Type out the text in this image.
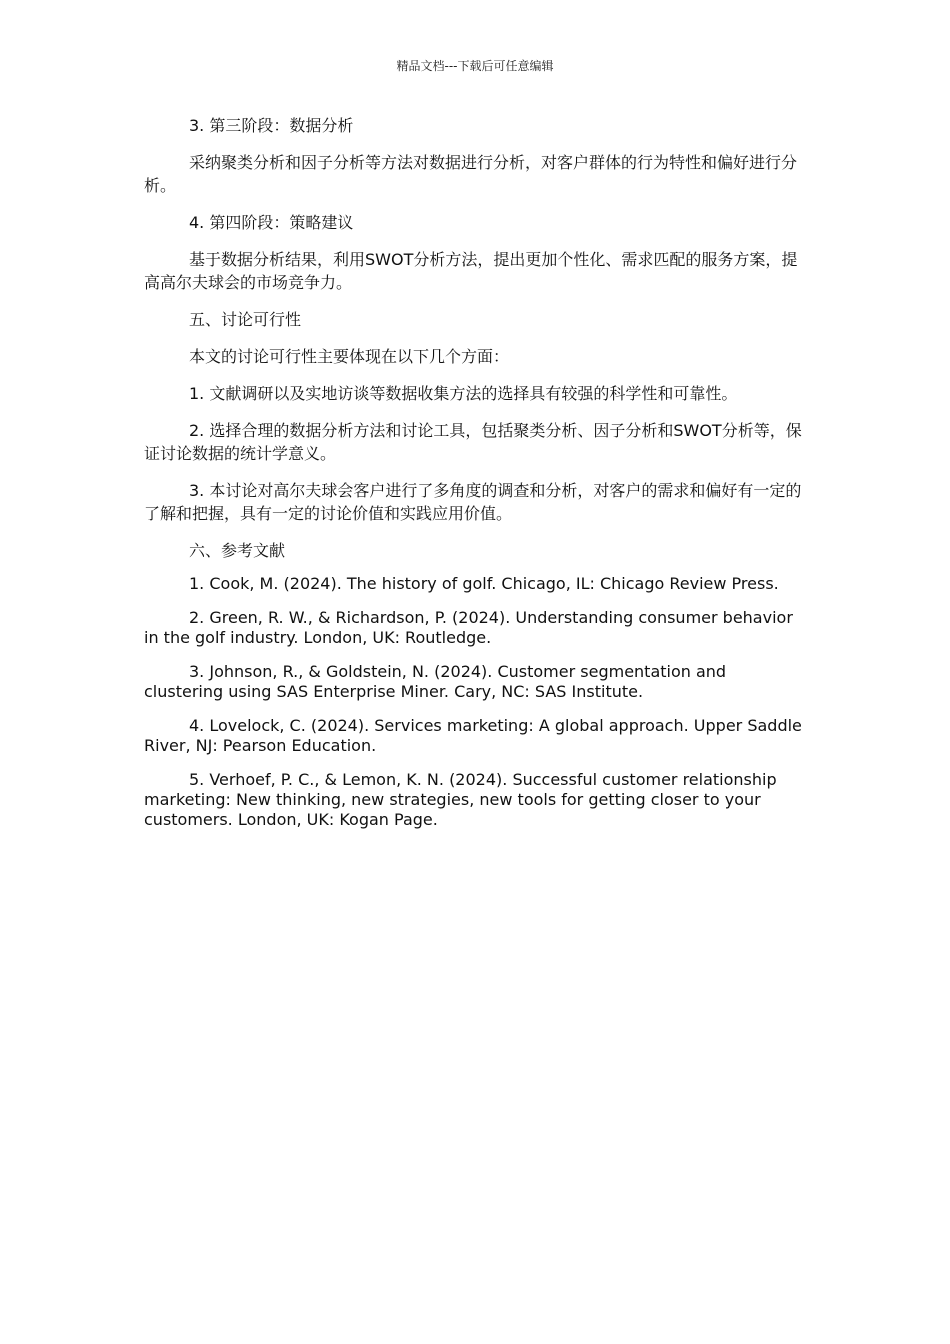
精品文档---下载后可任意编辑

3. 第三阶段：数据分析

采纳聚类分析和因子分析等方法对数据进行分析，对客户群体的行为特性和偏好进行分析。

4. 第四阶段：策略建议

基于数据分析结果，利用SWOT分析方法，提出更加个性化、需求匹配的服务方案，提高高尔夫球会的市场竞争力。

五、讨论可行性

本文的讨论可行性主要体现在以下几个方面：

1. 文献调研以及实地访谈等数据收集方法的选择具有较强的科学性和可靠性。

2. 选择合理的数据分析方法和讨论工具，包括聚类分析、因子分析和SWOT分析等，保证讨论数据的统计学意义。

3. 本讨论对高尔夫球会客户进行了多角度的调查和分析，对客户的需求和偏好有一定的了解和把握，具有一定的讨论价值和实践应用价值。

六、参考文献

1. Cook, M. (2024). The history of golf. Chicago, IL: Chicago Review Press.

2. Green, R. W., & Richardson, P. (2024). Understanding consumer behavior in the golf industry. London, UK: Routledge.

3. Johnson, R., & Goldstein, N. (2024). Customer segmentation and clustering using SAS Enterprise Miner. Cary, NC: SAS Institute.

4. Lovelock, C. (2024). Services marketing: A global approach. Upper Saddle River, NJ: Pearson Education.

5. Verhoef, P. C., & Lemon, K. N. (2024). Successful customer relationship marketing: New thinking, new strategies, new tools for getting closer to your customers. London, UK: Kogan Page.
